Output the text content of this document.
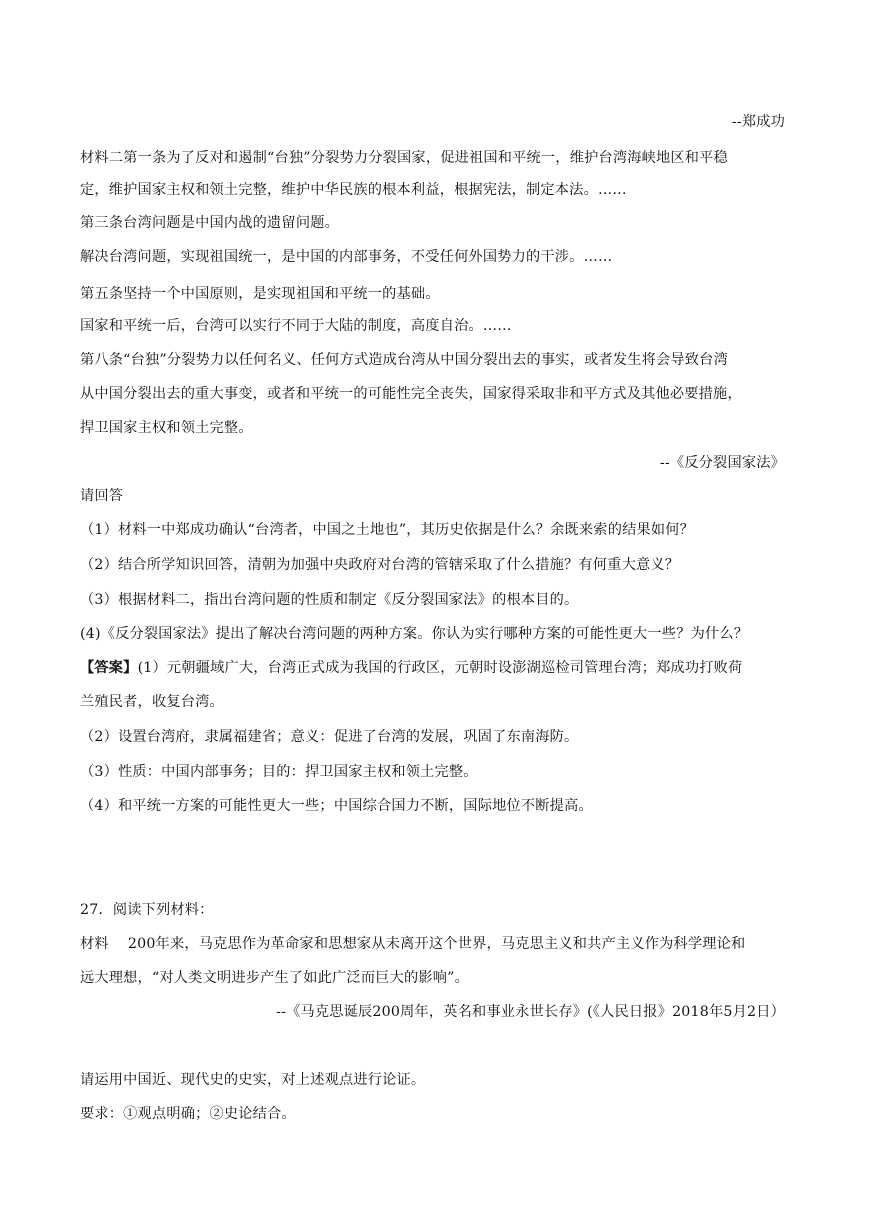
--郑成功
材料二第一条为了反对和遏制“台独”分裂势力分裂国家，促进祖国和平统一，维护台湾海峡地区和平稳
定，维护国家主权和领土完整，维护中华民族的根本利益，根据宪法，制定本法。……
第三条台湾问题是中国内战的遗留问题。
解决台湾问题，实现祖国统一，是中国的内部事务，不受任何外国势力的干涉。……
第五条坚持一个中国原则，是实现祖国和平统一的基础。
国家和平统一后，台湾可以实行不同于大陆的制度，高度自治。……
第八条“台独”分裂势力以任何名义、任何方式造成台湾从中国分裂出去的事实，或者发生将会导致台湾
从中国分裂出去的重大事变，或者和平统一的可能性完全丧失，国家得采取非和平方式及其他必要措施，
捍卫国家主权和领土完整。
--《反分裂国家法》
请回答
（1）材料一中郑成功确认“台湾者，中国之土地也”，其历史依据是什么？余既来索的结果如何？
（2）结合所学知识回答，清朝为加强中央政府对台湾的管辖采取了什么措施？有何重大意义？
（3）根据材料二，指出台湾问题的性质和制定《反分裂国家法》的根本目的。
(4)《反分裂国家法》提出了解决台湾问题的两种方案。你认为实行哪种方案的可能性更大一些？为什么？
【答案】(1）元朝疆域广大，台湾正式成为我国的行政区，元朝时设澎湖巡检司管理台湾；郑成功打败荷
兰殖民者，收复台湾。
（2）设置台湾府，隶属福建省；意义：促进了台湾的发展，巩固了东南海防。
（3）性质：中国内部事务；目的：捍卫国家主权和领土完整。
（4）和平统一方案的可能性更大一些；中国综合国力不断，国际地位不断提高。
27．阅读下列材料：
材料　 200年来，马克思作为革命家和思想家从未离开这个世界，马克思主义和共产主义作为科学理论和
远大理想，“对人类文明进步产生了如此广泛而巨大的影响”。
--《马克思诞辰200周年，英名和事业永世长存》(《人民日报》2018年5月2日）
请运用中国近、现代史的史实，对上述观点进行论证。
要求：①观点明确；②史论结合。
